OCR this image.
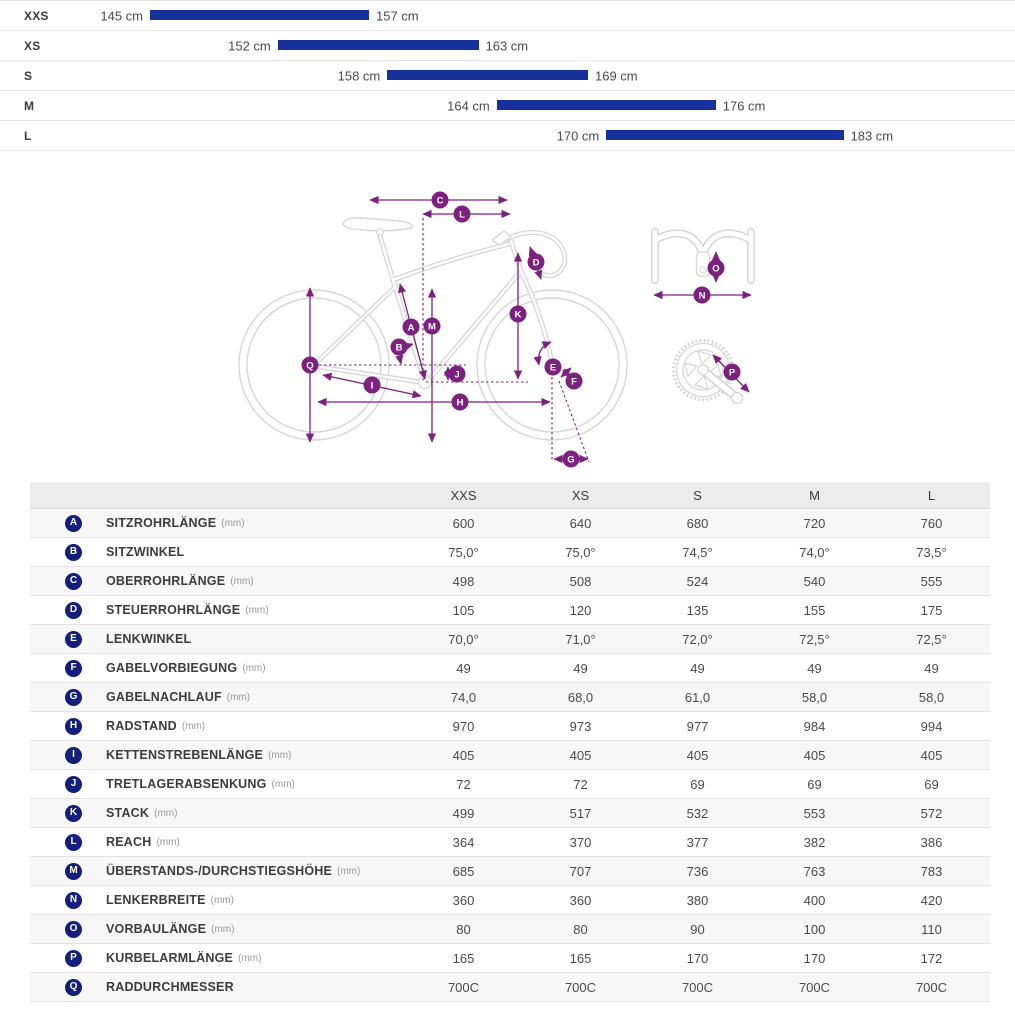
XXS	145 cm	157 cm
XS	152 cm	163 cm
S	158 cm	169 cm
M	164 cm	176 cm
L	170 cm	183 cm
C
L
D
A M
B
K
Q
J
E
F
I
H
G
O
N
P
XXS	XS	S	M	L
A	SITZROHRLÄNGE (mm)	600	640	680	720	760
B	SITZWINKEL	75,0°	75,0°	74,5°	74,0°	73,5°
C	OBERROHRLÄNGE (mm)	498	508	524	540	555
D	STEUERROHRLÄNGE (mm)	105	120	135	155	175
E	LENKWINKEL	70,0°	71,0°	72,0°	72,5°	72,5°
F	GABELVORBIEGUNG (mm)	49	49	49	49	49
G	GABELNACHLAUF (mm)	74,0	68,0	61,0	58,0	58,0
H	RADSTAND (mm)	970	973	977	984	994
I	KETTENSTREBENLÄNGE (mm)	405	405	405	405	405
J	TRETLAGERABSENKUNG (mm)	72	72	69	69	69
K	STACK (mm)	499	517	532	553	572
L	REACH (mm)	364	370	377	382	386
M	ÜBERSTANDS-/DURCHSTIEGSHÖHE (mm)	685	707	736	763	783
N	LENKERBREITE (mm)	360	360	380	400	420
O	VORBAULÄNGE (mm)	80	80	90	100	110
P	KURBELARMLÄNGE (mm)	165	165	170	170	172
Q	RADDURCHMESSER	700C	700C	700C	700C	700C
